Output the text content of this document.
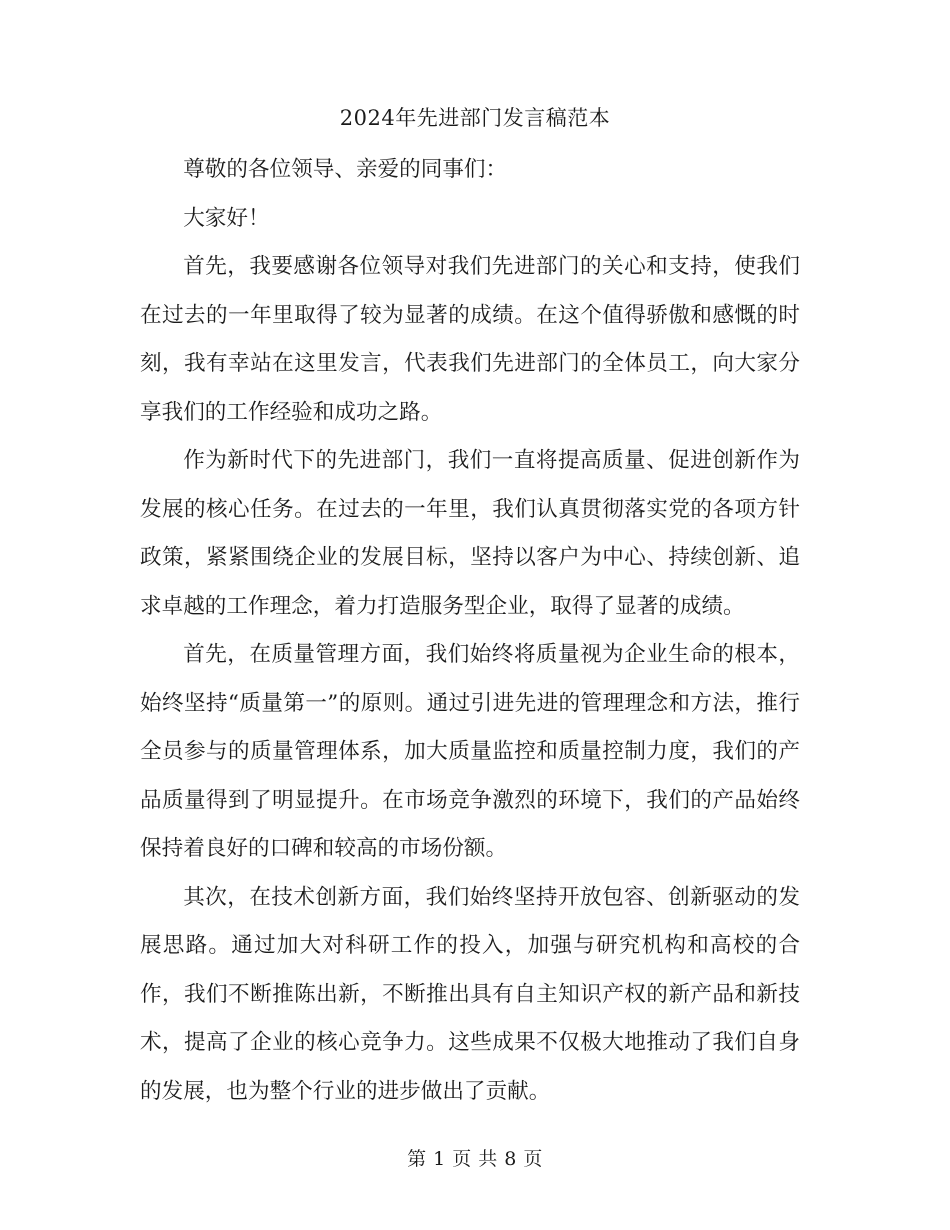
2024年先进部门发言稿范本

尊敬的各位领导、亲爱的同事们：

大家好！

首先，我要感谢各位领导对我们先进部门的关心和支持，使我们在过去的一年里取得了较为显著的成绩。在这个值得骄傲和感慨的时刻，我有幸站在这里发言，代表我们先进部门的全体员工，向大家分享我们的工作经验和成功之路。

作为新时代下的先进部门，我们一直将提高质量、促进创新作为发展的核心任务。在过去的一年里，我们认真贯彻落实党的各项方针政策，紧紧围绕企业的发展目标，坚持以客户为中心、持续创新、追求卓越的工作理念，着力打造服务型企业，取得了显著的成绩。

首先，在质量管理方面，我们始终将质量视为企业生命的根本，始终坚持“质量第一”的原则。通过引进先进的管理理念和方法，推行全员参与的质量管理体系，加大质量监控和质量控制力度，我们的产品质量得到了明显提升。在市场竞争激烈的环境下，我们的产品始终保持着良好的口碑和较高的市场份额。

其次，在技术创新方面，我们始终坚持开放包容、创新驱动的发展思路。通过加大对科研工作的投入，加强与研究机构和高校的合作，我们不断推陈出新，不断推出具有自主知识产权的新产品和新技术，提高了企业的核心竞争力。这些成果不仅极大地推动了我们自身的发展，也为整个行业的进步做出了贡献。

第 1 页 共 8 页
